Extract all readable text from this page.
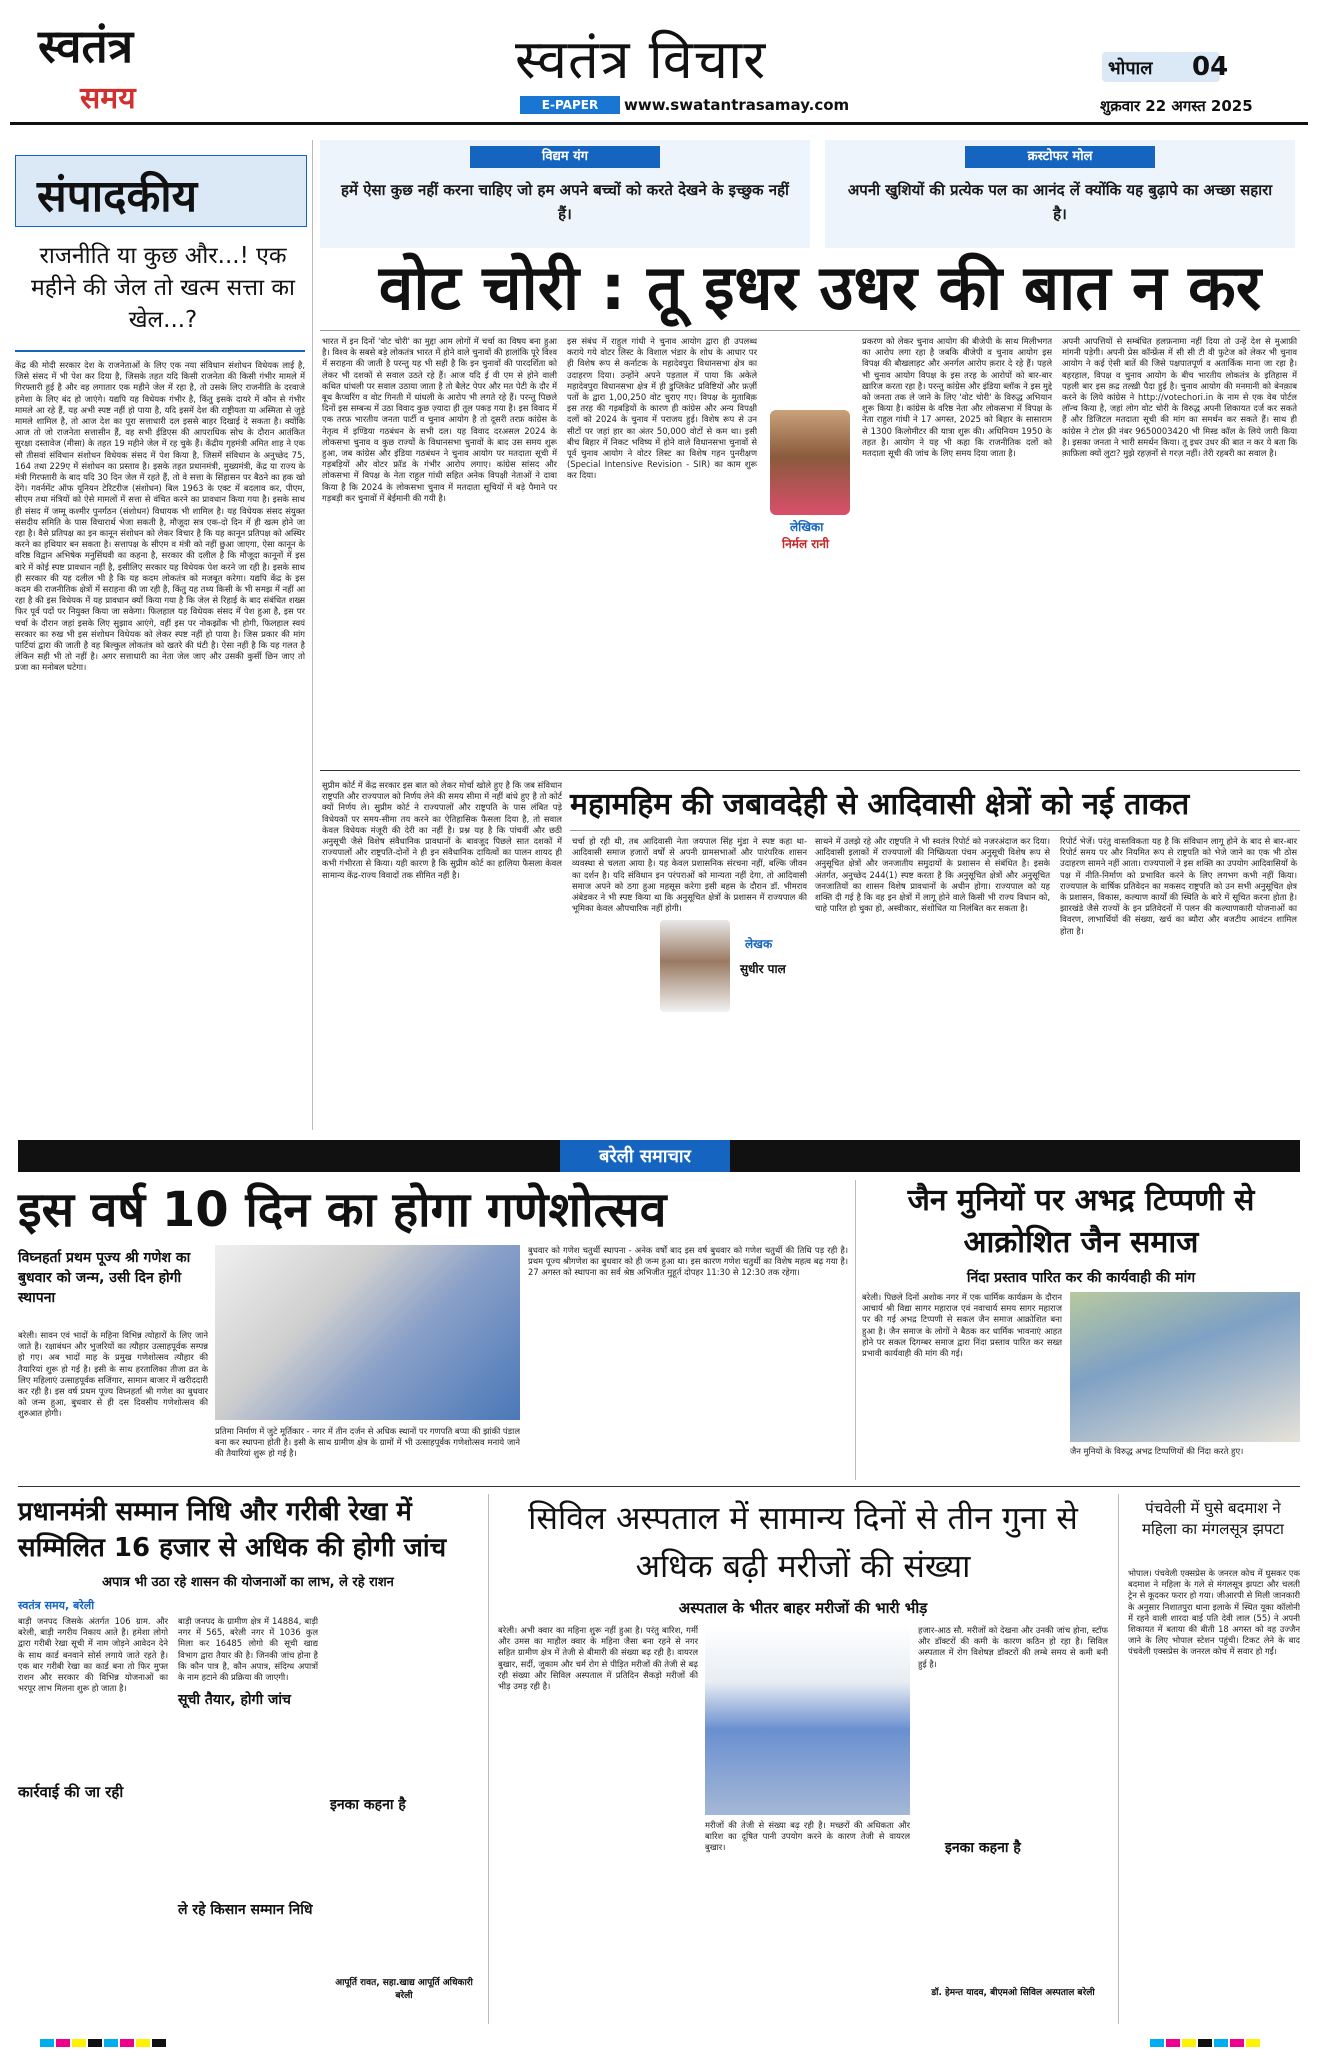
स्वतंत्र
समय
स्वतंत्र विचार
E-PAPER	www.swatantrasamay.com
भोपाल 04
शुक्रवार 22 अगस्त 2025
संपादकीय
राजनीति या कुछ और...! एक महीने की जेल तो खत्म सत्ता का खेल...?
केंद्र की मोदी सरकार देश के राजनेताओं के लिए एक नया संविधान संशोधन विधेयक लाई है, जिसे संसद में भी पेश कर दिया है, जिसके तहत यदि किसी राजनेता की किसी गंभीर मामले में गिरफ्तारी हुई है और वह लगातार एक महीने जेल में रहा है, तो उसके लिए राजनीति के दरवाजे हमेशा के लिए बंद हो जाएंगे। यद्यपि यह विधेयक गंभीर है, किंतु इसके दायरे में कौन से गंभीर मामले आ रहे हैं, यह अभी स्पष्ट नहीं हो पाया है, यदि इसमें देश की राष्ट्रीयता या अस्मिता से जुड़े मामले शामिल है, तो आज देश का पूरा सत्ताधारी दल इससे बाहर दिखाई दे सकता है। क्योंकि आज तो जो राजनेता सत्तासीन हैं, वह सभी ईडिएस की आपराधिक सोच के दौरान आतंकित सुरक्षा दस्तावेज (मीसा) के तहत 19 महीने जेल में रह चुके हैं। केंद्रीय गृहमंत्री अमित शाह ने एक सौ तीसवां संविधान संशोधन विधेयक संसद में पेश किया है, जिसमें संविधान के अनुच्छेद 75, 164 तथा 229ए में संशोधन का प्रस्ताव है। इसके तहत प्रधानमंत्री, मुख्यमंत्री, केंद्र या राज्य के मंत्री गिरफ्तारी के बाद यदि 30 दिन जेल में रहते हैं, तो वे सत्ता के सिंहासन पर बैठने का हक खो देंगे। गवर्नमेंट ऑफ यूनियन टेरिटरीज (संशोधन) बिल 1963 के एक्ट में बदलाव कर, पीएम, सीएम तथा मंत्रियों को ऐसे मामलों में सत्ता से वंचित करने का प्रावधान किया गया है। इसके साथ ही संसद में जम्मू कश्मीर पुनर्गठन (संशोधन) विधायक भी शामिल है। यह विधेयक संसद संयुक्त संसदीय समिति के पास विचारार्थ भेजा सकती है, मौजूदा सत्र एक-दो दिन में ही खत्म होने जा रहा है। वैसे प्रतिपक्ष का इन कानून संशोधन को लेकर विचार है कि यह कानून प्रतिपक्ष को अस्थिर करने का हथियार बन सकता है। सत्तापक्ष के सीएम व मंत्री को नहीं छुआ जाएगा, ऐसा कानून के वरिष्ठ विद्वान अभिषेक मनुसिंघवी का कहना है, सरकार की दलील है कि मौजूदा कानूनों में इस बारे में कोई स्पष्ट प्रावधान नहीं है, इसीलिए सरकार यह विधेयक पेश करने जा रही है। इसके साथ ही सरकार की यह दलील भी है कि यह कदम लोकतंत्र को मजबूत करेगा। यद्यपि केंद्र के इस कदम की राजनीतिक क्षेत्रों में सराहना की जा रही है, किंतु यह तथ्य किसी के भी समझ में नहीं आ रहा है की इस विधेयक में यह प्रावधान क्यों किया गया है कि जेल से रिहाई के बाद संबंधित शख्स फिर पूर्व पदों पर नियुक्त किया जा सकेगा। फिलहाल यह विधेयक संसद में पेश हुआ है, इस पर चर्चा के दौरान जहां इसके लिए सुझाव आएंगे, वहीं इस पर नोकझोंक भी होगी, फिलहाल स्वयं सरकार का रुख भी इस संशोधन विधेयक को लेकर स्पष्ट नहीं हो पाया है। जिस प्रकार की मांग पार्टियां द्वारा की जाती है वह बिल्कुल लोकतंत्र को खतरे की घंटी है। ऐसा नहीं है कि यह गलत है लेकिन सही भी तो नहीं है। अगर सत्ताधारी का नेता जेल जाए और उसकी कुर्सी छिन जाए तो प्रजा का मनोबल घटेगा।
विद्यम यंग
हमें ऐसा कुछ नहीं करना चाहिए जो हम अपने बच्चों को करते देखने के इच्छुक नहीं हैं।
क्रस्टोफर मोल
अपनी खुशियों की प्रत्येक पल का आनंद लें क्योंकि यह बुढ़ापे का अच्छा सहारा है।
वोट चोरी : तू इधर उधर की बात न कर
भारत में इन दिनों 'वोट चोरी' का मुद्दा आम लोगों में चर्चा का विषय बना हुआ है। विश्व के सबसे बड़े लोकतंत्र भारत में होने वाले चुनावों की हालांकि पूरे विश्व में सराहना की जाती है परन्तु यह भी सही है कि इन चुनावों की पारदर्शिता को लेकर भी दशकों से सवाल उठते रहे हैं। आज यदि ई वी एम से होने वाली कथित धांधली पर सवाल उठाया जाता है तो बैलेट पेपर और मत पेटी के दौर में बूथ कैप्चरिंग व वोट गिनती में धांधली के आरोप भी लगते रहे हैं। परन्तु पिछले दिनों इस सम्बन्ध में उठा विवाद कुछ ज़्यादा ही तूल पकड़ गया है। इस विवाद में एक तरफ़ भारतीय जनता पार्टी व चुनाव आयोग है तो दूसरी तरफ़ कांग्रेस के नेतृत्व में इण्डिया गठबंधन के सभी दल। यह विवाद दरअसल 2024 के लोकसभा चुनाव व कुछ राज्यों के विधानसभा चुनावों के बाद उस समय शुरू हुआ, जब कांग्रेस और इंडिया गठबंधन ने चुनाव आयोग पर मतदाता सूची में गड़बड़ियों और वोटर फ्रॉड के गंभीर आरोप लगाए। कांग्रेस सांसद और लोकसभा में विपक्ष के नेता राहुल गांधी सहित अनेक विपक्षी नेताओं ने दावा किया है कि 2024 के लोकसभा चुनाव में मतदाता सूचियों में बड़े पैमाने पर गड़बड़ी कर चुनावों में बेईमानी की गयी है।
इस संबंध में राहुल गांधी ने चुनाव आयोग द्वारा ही उपलब्ध कराये गये वोटर लिस्ट के विशाल भंडार के शोध के आधार पर ही विशेष रूप से कर्नाटक के महादेवपुरा विधानसभा क्षेत्र का उदाहरण दिया। उन्होंने अपने पड़ताल में पाया कि अकेले महादेवपुरा विधानसभा क्षेत्र में ही डुप्लिकेट प्रविष्टियों और फ़र्ज़ी पतों के द्वारा 1,00,250 वोट चुराए गए। विपक्ष के मुताबिक़ इस तरह की गड़बड़ियों के कारण ही कांग्रेस और अन्य विपक्षी दलों को 2024 के चुनाव में पराजय हुई। विशेष रूप से उन सीटों पर जहां हार का अंतर 50,000 वोटों से कम था। इसी बीच बिहार में निकट भविष्य में होने वाले विधानसभा चुनावों से पूर्व चुनाव आयोग ने वोटर लिस्ट का विशेष गहन पुनरीक्षण (Special Intensive Revision - SIR) का काम शुरू कर दिया।
लेखिका
निर्मल रानी
प्रकरण को लेकर चुनाव आयोग की बीजेपी के साथ मिलीभगत का आरोप लगा रहा है जबकि बीजेपी व चुनाव आयोग इस विपक्ष की बौखलाहट और अनर्गल आरोप क़रार दे रहे हैं। पहले भी चुनाव आयोग विपक्ष के इस तरह के आरोपों को बार-बार ख़ारिज करता रहा है। परन्तु कांग्रेस और इंडिया ब्लॉक ने इस मुद्दे को जनता तक ले जाने के लिए 'वोट चोरी' के विरुद्ध अभियान शुरू किया है। कांग्रेस के वरिष्ठ नेता और लोकसभा में विपक्ष के नेता राहुल गांधी ने 17 अगस्त, 2025 को बिहार के सासाराम से 1300 किलोमीटर की यात्रा शुरू की। अधिनियम 1950 के तहत है। आयोग ने यह भी कहा कि राजनीतिक दलों को मतदाता सूची की जांच के लिए समय दिया जाता है।
अपनी आपत्तियों से सम्बंधित हलफ़नामा नहीं दिया तो उन्हें देश से मुआफ़ी मांगनी पड़ेगी। अपनी प्रेस कॉन्फ्रेंस में सी सी टी वी फुटेज को लेकर भी चुनाव आयोग ने कई ऐसी बातें की जिसे पक्षपातपूर्ण व अतार्किक माना जा रहा है। बहरहाल, विपक्ष व चुनाव आयोग के बीच भारतीय लोकतंत्र के इतिहास में पहली बार इस क़द्र तल्ख़ी पैदा हुई है। चुनाव आयोग की मनमानी को बेनक़ाब करने के लिये कांग्रेस ने http://votechori.in के नाम से एक वेब पोर्टल लॉन्च किया है, जहां लोग वोट चोरी के विरुद्ध अपनी शिकायत दर्ज कर सकते हैं और डिजिटल मतदाता सूची की मांग का समर्थन कर सकते हैं। साथ ही कांग्रेस ने टोल फ़्री नंबर 9650003420 भी मिस्ड कॉल के लिये जारी किया है। इसका जनता ने भारी समर्थन किया। तू इधर उधर की बात न कर ये बता कि क़ाफ़िला क्यों लुटा? मुझे रहज़नों से गरज़ नहीं। तेरी रहबरी का सवाल है।
सुप्रीम कोर्ट में केंद्र सरकार इस बात को लेकर मोर्चा खोले हुए है कि जब संविधान राष्ट्रपति और राज्यपाल को निर्णय लेने की समय सीमा में नहीं बांधे हुए है तो कोर्ट क्यों निर्णय ले। सुप्रीम कोर्ट ने राज्यपालों और राष्ट्रपति के पास लंबित पड़े विधेयकों पर समय-सीमा तय करने का ऐतिहासिक फैसला दिया है, तो सवाल केवल विधेयक मंजूरी की देरी का नहीं है। प्रश्न यह है कि पांचवीं और छठी अनुसूची जैसे विशेष संवैधानिक प्रावधानों के बावजूद पिछले सात दशकों में राज्यपालों और राष्ट्रपति-दोनों ने ही इन संवैधानिक दायित्वों का पालन शायद ही कभी गंभीरता से किया। यही कारण है कि सुप्रीम कोर्ट का हालिया फैसला केवल सामान्य केंद्र-राज्य विवादों तक सीमित नहीं है।
महामहिम की जबावदेही से आदिवासी क्षेत्रों को नई ताकत
चर्चा हो रही थी, तब आदिवासी नेता जयपाल सिंह मुंडा ने स्पष्ट कहा था- आदिवासी समाज हजारों वर्षों से अपनी ग्रामसभाओं और पारंपरिक शासन व्यवस्था से चलता आया है। यह केवल प्रशासनिक संरचना नहीं, बल्कि जीवन का दर्शन है। यदि संविधान इन परंपराओं को मान्यता नहीं देगा, तो आदिवासी समाज अपने को ठगा हुआ महसूस करेगा इसी बहस के दौरान डॉ. भीमराव अंबेडकर ने भी स्पष्ट किया था कि अनुसूचित क्षेत्रों के प्रशासन में राज्यपाल की भूमिका केवल औपचारिक नहीं होगी।
लेखक
सुधीर पाल
साथने में उलझे रहे और राष्ट्रपति ने भी स्वतंत्र रिपोर्ट को नजरअंदाज कर दिया। आदिवासी इलाकों में राज्यपालों की निष्क्रियता पंचम अनुसूची विशेष रूप से अनुसूचित क्षेत्रों और जनजातीय समुदायों के प्रशासन से संबंधित है। इसके अंतर्गत, अनुच्छेद 244(1) स्पष्ट करता है कि अनुसूचित क्षेत्रों और अनुसूचित जनजातियों का शासन विशेष प्रावधानों के अधीन होगा। राज्यपाल को यह शक्ति दी गई है कि वह इन क्षेत्रों में लागू होने वाले किसी भी राज्य विधान को, चाहे पारित हो चुका हो, अस्वीकार, संशोधित या निलंबित कर सकता है।
रिपोर्ट भेजें। परंतु वास्तविकता यह है कि संविधान लागू होने के बाद से बार-बार रिपोर्ट समय पर और नियमित रूप से राष्ट्रपति को भेजे जाने का एक भी ठोस उदाहरण सामने नहीं आता। राज्यपालों ने इस शक्ति का उपयोग आदिवासियों के पक्ष में नीति-निर्माण को प्रभावित करने के लिए लगभग कभी नहीं किया। राज्यपाल के वार्षिक प्रतिवेदन का मकसद राष्ट्रपति को उन सभी अनुसूचित क्षेत्र के प्रशासन, विकास, कल्याण कार्यों की स्थिति के बारे में सूचित करना होता है। झारखंडे जैसे राज्यों के इन प्रतिवेदनों में पलन की कल्याणकारी योजनाओं का विवरण, लाभार्थियों की संख्या, खर्च का ब्यौरा और बजटीय आवंटन शामिल होता है।
बरेली समाचार
इस वर्ष 10 दिन का होगा गणेशोत्सव
विघ्नहर्ता प्रथम पूज्य श्री गणेश का बुधवार को जन्म, उसी दिन होगी स्थापना
बरेली। सावन एवं भादों के महिना विभिन्न त्योहारों के लिए जाने जाते है। रक्षाबंधन और भुजरियों का त्यौहार उत्साहपूर्वक सम्पन्न हो गए। अब भादों माह के प्रमुख गणेशोत्सव त्यौहार की तैयारियां शुरू हो गई है। इसी के साथ हरतालिका तीजा व्रत के लिए महिलाएं उत्साहपूर्वक सजिंगार, सामान बाजार में खरीददारी कर रही है। इस वर्ष प्रथम पूज्य विघ्नहर्ता श्री गणेश का बुधवार को जन्म हुआ, बुधवार से ही दस दिवसीय गणेशोत्सव की शुरुआत होगी।
प्रतिमा निर्माण में जुटे मूर्तिकार - नगर में तीन दर्जन से अधिक स्थानों पर गणपति बप्पा की झांकी पंडाल बना कर स्थापना होती है। इसी के साथ ग्रामीण क्षेत्र के ग्रामों में भी उत्साहपूर्वक गणेशोत्सव मनाये जाने की तैयारियां शुरू हो गई है।
बुधवार को गणेश चतुर्थी स्थापना - अनेक वर्षों बाद इस वर्ष बुधवार को गणेश चतुर्थी की तिथि पड़ रही है। प्रथम पूज्य श्रीगणेश का बुधवार को ही जन्म हुआ था। इस कारण गणेश चतुर्थी का विशेष महत्व बढ़ गया है। 27 अगस्त को स्थापना का सर्व श्रेष्ठ अभिजीत मुहूर्त दोपहर 11:30 से 12:30 तक रहेगा।
जैन मुनियों पर अभद्र टिप्पणी से आक्रोशित जैन समाज
निंदा प्रस्ताव पारित कर की कार्यवाही की मांग
बरेली। पिछले दिनों अशोक नगर में एक धार्मिक कार्यक्रम के दौरान आचार्य श्री विद्या सागर महाराज एवं नवाचार्य समय सागर महाराज पर की गई अभद्र टिप्पणी से सकल जैन समाज आक्रोशित बना हुआ है। जैन समाज के लोगों ने बैठक कर धार्मिक भावनाएं आहत होने पर सकल दिगम्बर समाज द्वारा निंदा प्रस्ताव पारित कर सख्त प्रभावी कार्यवाही की मांग की गई।
जैन मुनियों के विरुद्ध अभद्र टिप्पणियों की निंदा करते हुए।
प्रधानमंत्री सम्मान निधि और गरीबी रेखा में सम्मिलित 16 हजार से अधिक की होगी जांच
अपात्र भी उठा रहे शासन की योजनाओं का लाभ, ले रहे राशन
स्वतंत्र समय, बरेली
बाड़ी जनपद जिसके अंतर्गत 106 ग्राम. और बरेली, बाड़ी नगरीय निकाय आते है। हमेशा लोगो द्वारा गरीबी रेखा सूची में नाम जोड़ने आवेदन देने के साथ कार्ड बनवाने सोर्स लगाये जाते रहते है। एक बार गरीबी रेखा का कार्ड बना तो फिर मुफ्त राशन और सरकार की विभिन्न योजनाओं का भरपूर लाभ मिलना शुरू हो जाता है।
कार्रवाई की जा रही
बाड़ी जनपद के ग्रामीण क्षेत्र में 14884, बाड़ी नगर में 565, बरेली नगर में 1036 कुल मिला कर 16485 लोगो की सूची खाद्य विभाग द्वारा तैयार की है। जिनकी जांच होना है कि कौन पात्र है, कौन अपात्र, संदिग्ध अपात्रों के नाम हटाने की प्रक्रिया की जाएगी।
सूची तैयार, होगी जांच
ले रहे किसान सम्मान निधि
इनका कहना है
आपूर्ति रावत, सहा.खाद्य आपूर्ति अधिकारी बरेली
सिविल अस्पताल में सामान्य दिनों से तीन गुना से अधिक बढ़ी मरीजों की संख्या
अस्पताल के भीतर बाहर मरीजों की भारी भीड़
बरेली। अभी क्वार का महिना शुरू नहीं हुआ है। परंतु बारिश, गर्मी और उमस का माहौल क्वार के महिना जैसा बना रहने से नगर सहित ग्रामीण क्षेत्र में तेजी से बीमारी की संख्या बढ़ रही है। वायरल बुखार, सर्दी, जुकाम और चर्म रोग से पीड़ित मरीजों की तेजी से बढ़ रही संख्या और सिविल अस्पताल में प्रतिदिन सैकड़ो मरीजों की भीड़ उमड़ रही है।
मरीजों की तेजी से संख्या बढ़ रही है। मच्छरों की अधिकता और बारिश का दूषित पानी उपयोग करने के कारण तेजी से वायरल बुखार।
हजार-आठ सौ. मरीजों को देखना और उनकी जांच होना, स्टॉफ और डॉक्टरों की कमी के कारण कठिन हो रहा है। सिविल अस्पताल में रोग विशेषज्ञ डॉक्टरों की लम्बे समय से कमी बनी हुई है।
इनका कहना है
डॉ. हेमन्त यादव, बीएमओ सिविल अस्पताल बरेली
पंचवेली में घुसे बदमाश ने महिला का मंगलसूत्र झपटा
भोपाल। पंचवेली एक्सप्रेस के जनरल कोच में घुसकर एक बदमाश ने महिला के गले से मंगलसूत्र झपटा और चलती ट्रेन से कूदकर फरार हो गया। जीआरपी से मिली जानकारी के अनुसार निशातपुरा थाना इलाके में स्थित यूका कॉलोनी में रहने वाली शारदा बाई पति देवी लाल (55) ने अपनी शिकायत में बताया की बीती 18 अगस्त को वह उज्जैन जाने के लिए भोपाल स्टेशन पहुंची। टिकट लेने के बाद पंचवेली एक्सप्रेस के जनरल कोच में सवार हो गईं।
